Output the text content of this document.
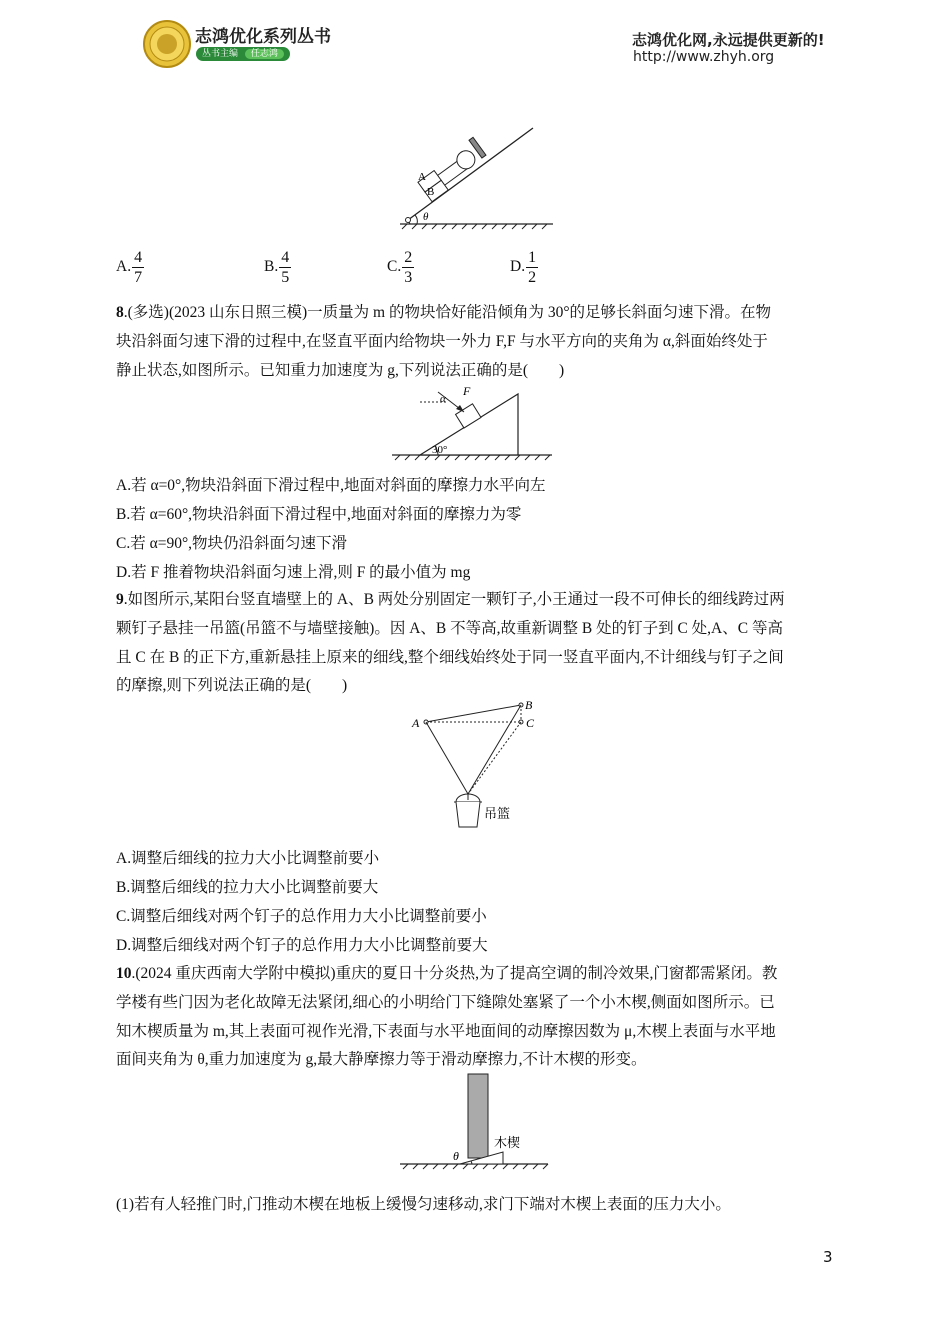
志鸿优化系列丛书
丛书主编 任志鸿
志鸿优化网,永远提供更新的!
http://www.zhyh.org
A
B
θ
A. $\frac{4}{7}$	B. $\frac{4}{5}$	C. $\frac{2}{3}$	D. $\frac{1}{2}$
8.(多选)(2023 山东日照三模)一质量为 m 的物块恰好能沿倾角为 30°的足够长斜面匀速下滑。在物
块沿斜面匀速下滑的过程中,在竖直平面内给物块一外力 F,F 与水平方向的夹角为 α,斜面始终处于
静止状态,如图所示。已知重力加速度为 g,下列说法正确的是(　　)
F
α
30°
A.若 α=0°,物块沿斜面下滑过程中,地面对斜面的摩擦力水平向左
B.若 α=60°,物块沿斜面下滑过程中,地面对斜面的摩擦力为零
C.若 α=90°,物块仍沿斜面匀速下滑
D.若 F 推着物块沿斜面匀速上滑,则 F 的最小值为 mg
9.如图所示,某阳台竖直墙壁上的 A、B 两处分别固定一颗钉子,小王通过一段不可伸长的细线跨过两
颗钉子悬挂一吊篮(吊篮不与墙壁接触)。因 A、B 不等高,故重新调整 B 处的钉子到 C 处,A、C 等高
且 C 在 B 的正下方,重新悬挂上原来的细线,整个细线始终处于同一竖直平面内,不计细线与钉子之间
的摩擦,则下列说法正确的是(　　)
A
B
C
吊篮
A.调整后细线的拉力大小比调整前要小
B.调整后细线的拉力大小比调整前要大
C.调整后细线对两个钉子的总作用力大小比调整前要小
D.调整后细线对两个钉子的总作用力大小比调整前要大
10.(2024 重庆西南大学附中模拟)重庆的夏日十分炎热,为了提高空调的制冷效果,门窗都需紧闭。教
学楼有些门因为老化故障无法紧闭,细心的小明给门下缝隙处塞紧了一个小木楔,侧面如图所示。已
知木楔质量为 m,其上表面可视作光滑,下表面与水平地面间的动摩擦因数为 μ,木楔上表面与水平地
面间夹角为 θ,重力加速度为 g,最大静摩擦力等于滑动摩擦力,不计木楔的形变。
θ
木楔
(1)若有人轻推门时,门推动木楔在地板上缓慢匀速移动,求门下端对木楔上表面的压力大小。
3
